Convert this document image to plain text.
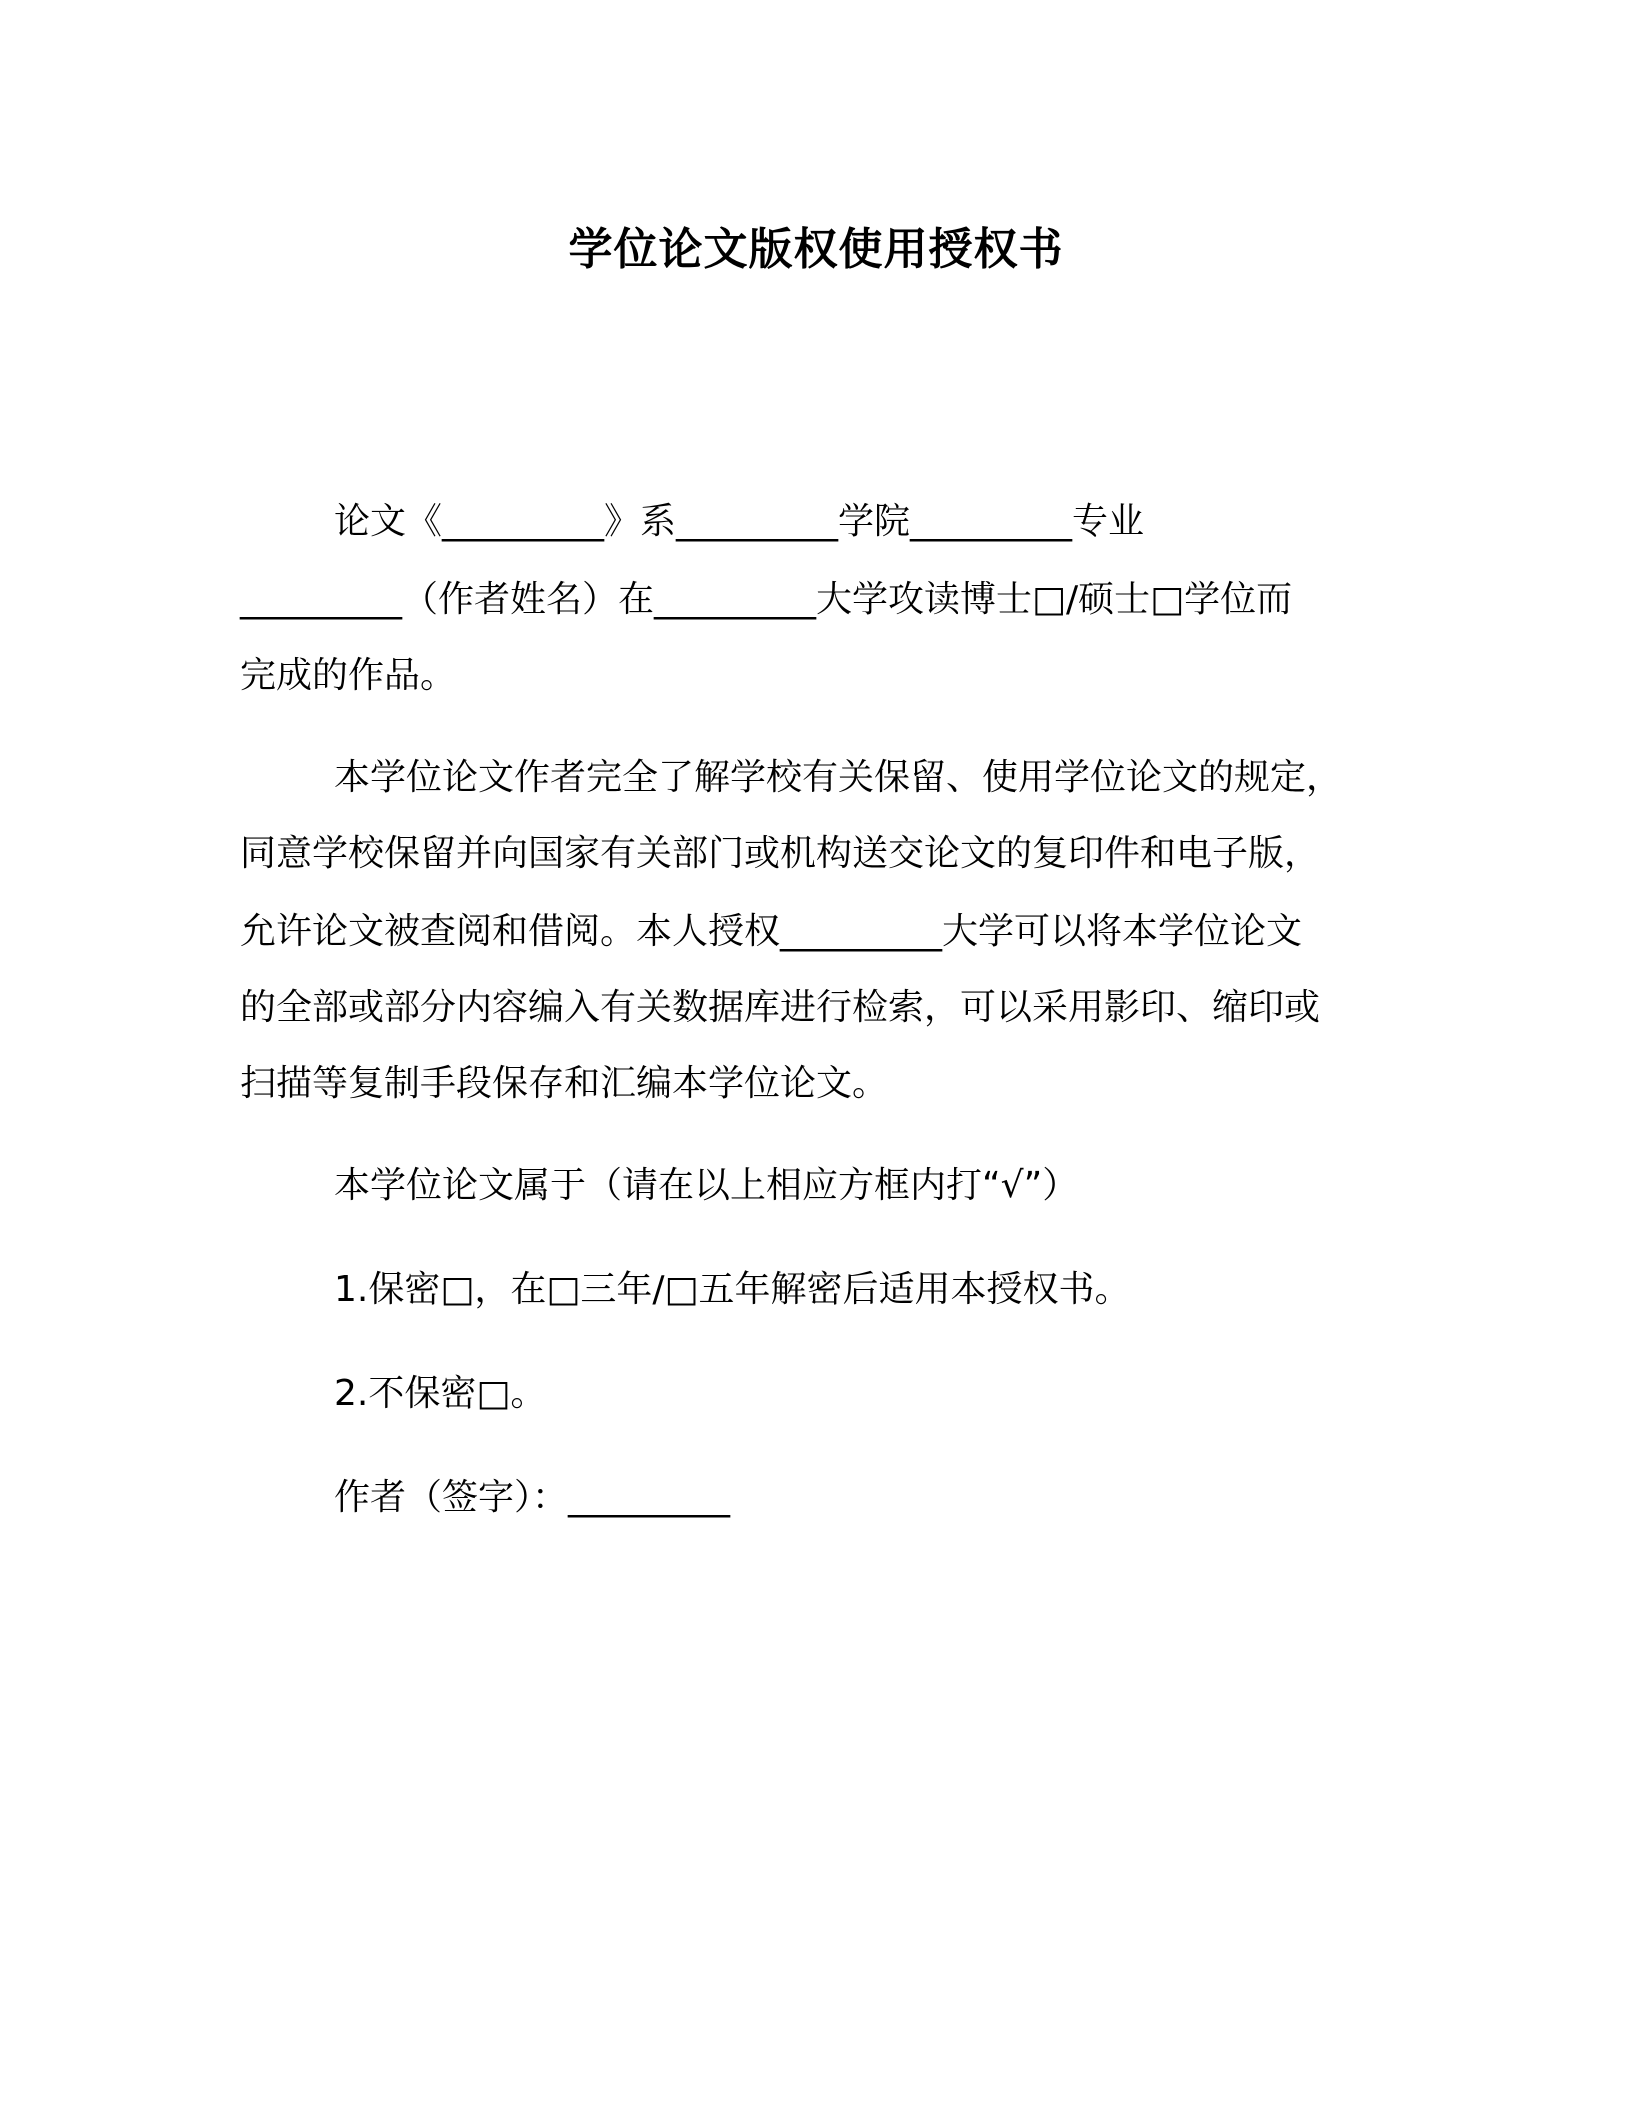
学位论文版权使用授权书
论文《_________》系_________学院_________专业
_________（作者姓名）在_________大学攻读博士□/硕士□学位而
完成的作品。
本学位论文作者完全了解学校有关保留、使用学位论文的规定，
同意学校保留并向国家有关部门或机构送交论文的复印件和电子版，
允许论文被查阅和借阅。本人授权_________大学可以将本学位论文
的全部或部分内容编入有关数据库进行检索，可以采用影印、缩印或
扫描等复制手段保存和汇编本学位论文。
本学位论文属于（请在以上相应方框内打“√”）
1.保密□，在□三年/□五年解密后适用本授权书。
2.不保密□。
作者（签字）：_________
